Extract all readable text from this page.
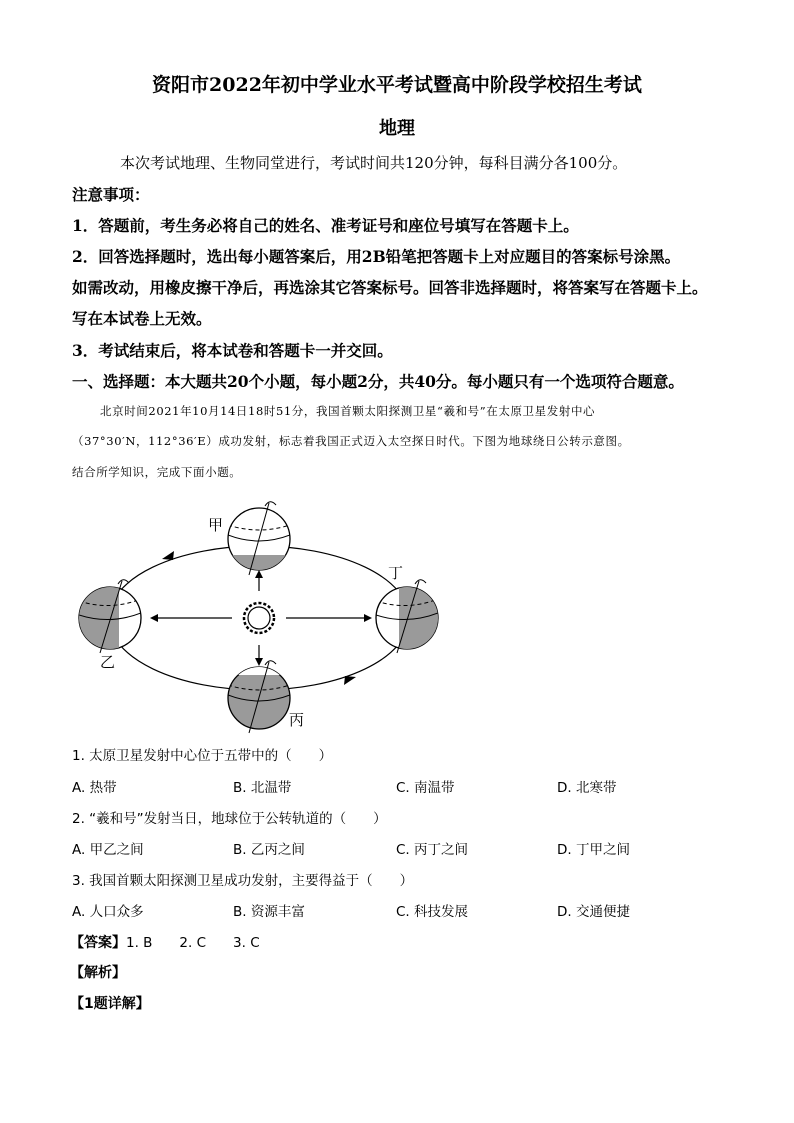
资阳市2022年初中学业水平考试暨高中阶段学校招生考试
地理
本次考试地理、生物同堂进行，考试时间共120分钟，每科目满分各100分。
注意事项：
1．答题前，考生务必将自己的姓名、准考证号和座位号填写在答题卡上。
2．回答选择题时，选出每小题答案后，用2B铅笔把答题卡上对应题目的答案标号涂黑。
如需改动，用橡皮擦干净后，再选涂其它答案标号。回答非选择题时，将答案写在答题卡上。
写在本试卷上无效。
3．考试结束后，将本试卷和答题卡一并交回。
一、选择题：本大题共20个小题，每小题2分，共40分。每小题只有一个选项符合题意。
北京时间2021年10月14日18时51分，我国首颗太阳探测卫星“羲和号”在太原卫星发射中心
（37°30′N，112°36′E）成功发射，标志着我国正式迈入太空探日时代。下图为地球绕日公转示意图。
结合所学知识，完成下面小题。
甲
乙
丁
丙
1. 太原卫星发射中心位于五带中的（　　）
A. 热带	B. 北温带	C. 南温带	D. 北寒带
2. “羲和号”发射当日，地球位于公转轨道的（　　）
A. 甲乙之间	B. 乙丙之间	C. 丙丁之间	D. 丁甲之间
3. 我国首颗太阳探测卫星成功发射，主要得益于（　　）
A. 人口众多	B. 资源丰富	C. 科技发展	D. 交通便捷
【答案】1. B　　2. C　　3. C
【解析】
【1题详解】
